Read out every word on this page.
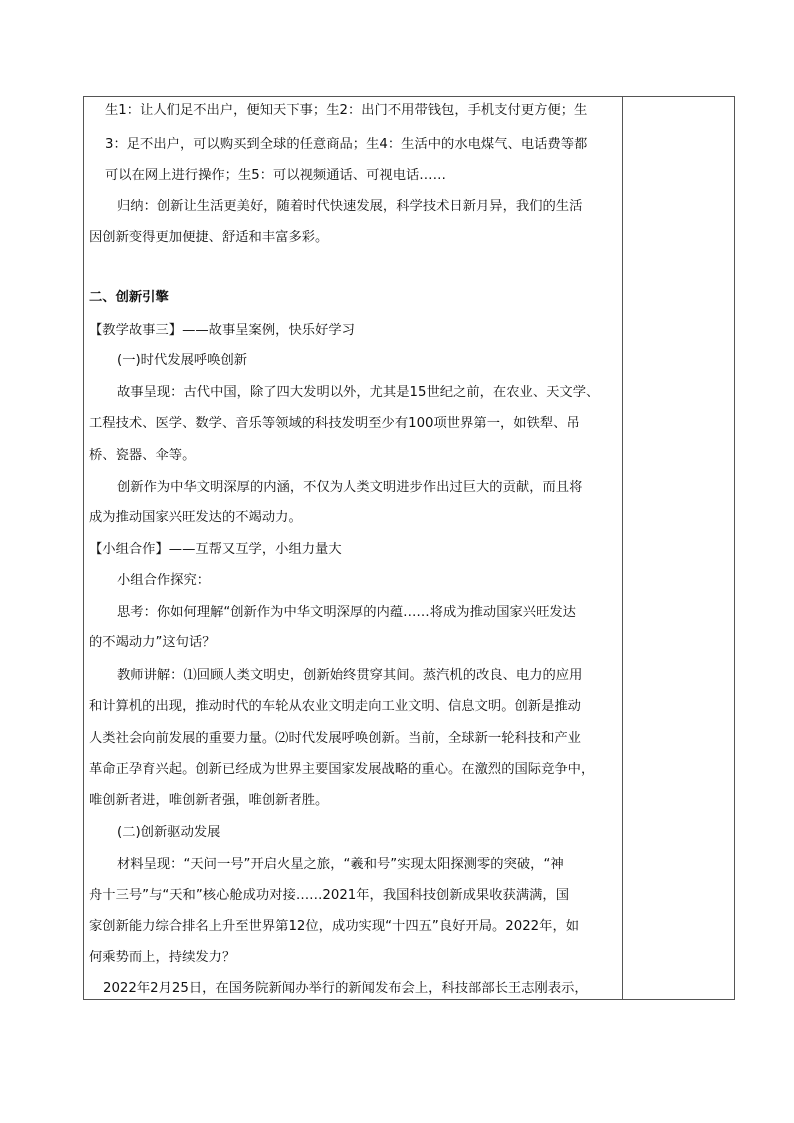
生1：让人们足不出户，便知天下事；生2：出门不用带钱包，手机支付更方便；生
3：足不出户，可以购买到全球的任意商品；生4：生活中的水电煤气、电话费等都
可以在网上进行操作；生5：可以视频通话、可视电话……
归纳：创新让生活更美好，随着时代快速发展，科学技术日新月异，我们的生活
因创新变得更加便捷、舒适和丰富多彩。
二、创新引擎
【教学故事三】——故事呈案例，快乐好学习
(一)时代发展呼唤创新
故事呈现：古代中国，除了四大发明以外，尤其是15世纪之前，在农业、天文学、
工程技术、医学、数学、音乐等领域的科技发明至少有100项世界第一，如铁犁、吊
桥、瓷器、伞等。
创新作为中华文明深厚的内涵，不仅为人类文明进步作出过巨大的贡献，而且将
成为推动国家兴旺发达的不竭动力。
【小组合作】——互帮又互学，小组力量大
小组合作探究：
思考：你如何理解“创新作为中华文明深厚的内蕴……将成为推动国家兴旺发达
的不竭动力”这句话？
教师讲解：⑴回顾人类文明史，创新始终贯穿其间。蒸汽机的改良、电力的应用
和计算机的出现，推动时代的车轮从农业文明走向工业文明、信息文明。创新是推动
人类社会向前发展的重要力量。⑵时代发展呼唤创新。当前，全球新一轮科技和产业
革命正孕育兴起。创新已经成为世界主要国家发展战略的重心。在激烈的国际竞争中，
唯创新者进，唯创新者强，唯创新者胜。
(二)创新驱动发展
材料呈现：“天问一号”开启火星之旅，“羲和号”实现太阳探测零的突破，“神
舟十三号”与“天和”核心舱成功对接……2021年，我国科技创新成果收获满满，国
家创新能力综合排名上升至世界第12位，成功实现“十四五”良好开局。2022年，如
何乘势而上，持续发力？
2022年2月25日，在国务院新闻办举行的新闻发布会上，科技部部长王志刚表示，
